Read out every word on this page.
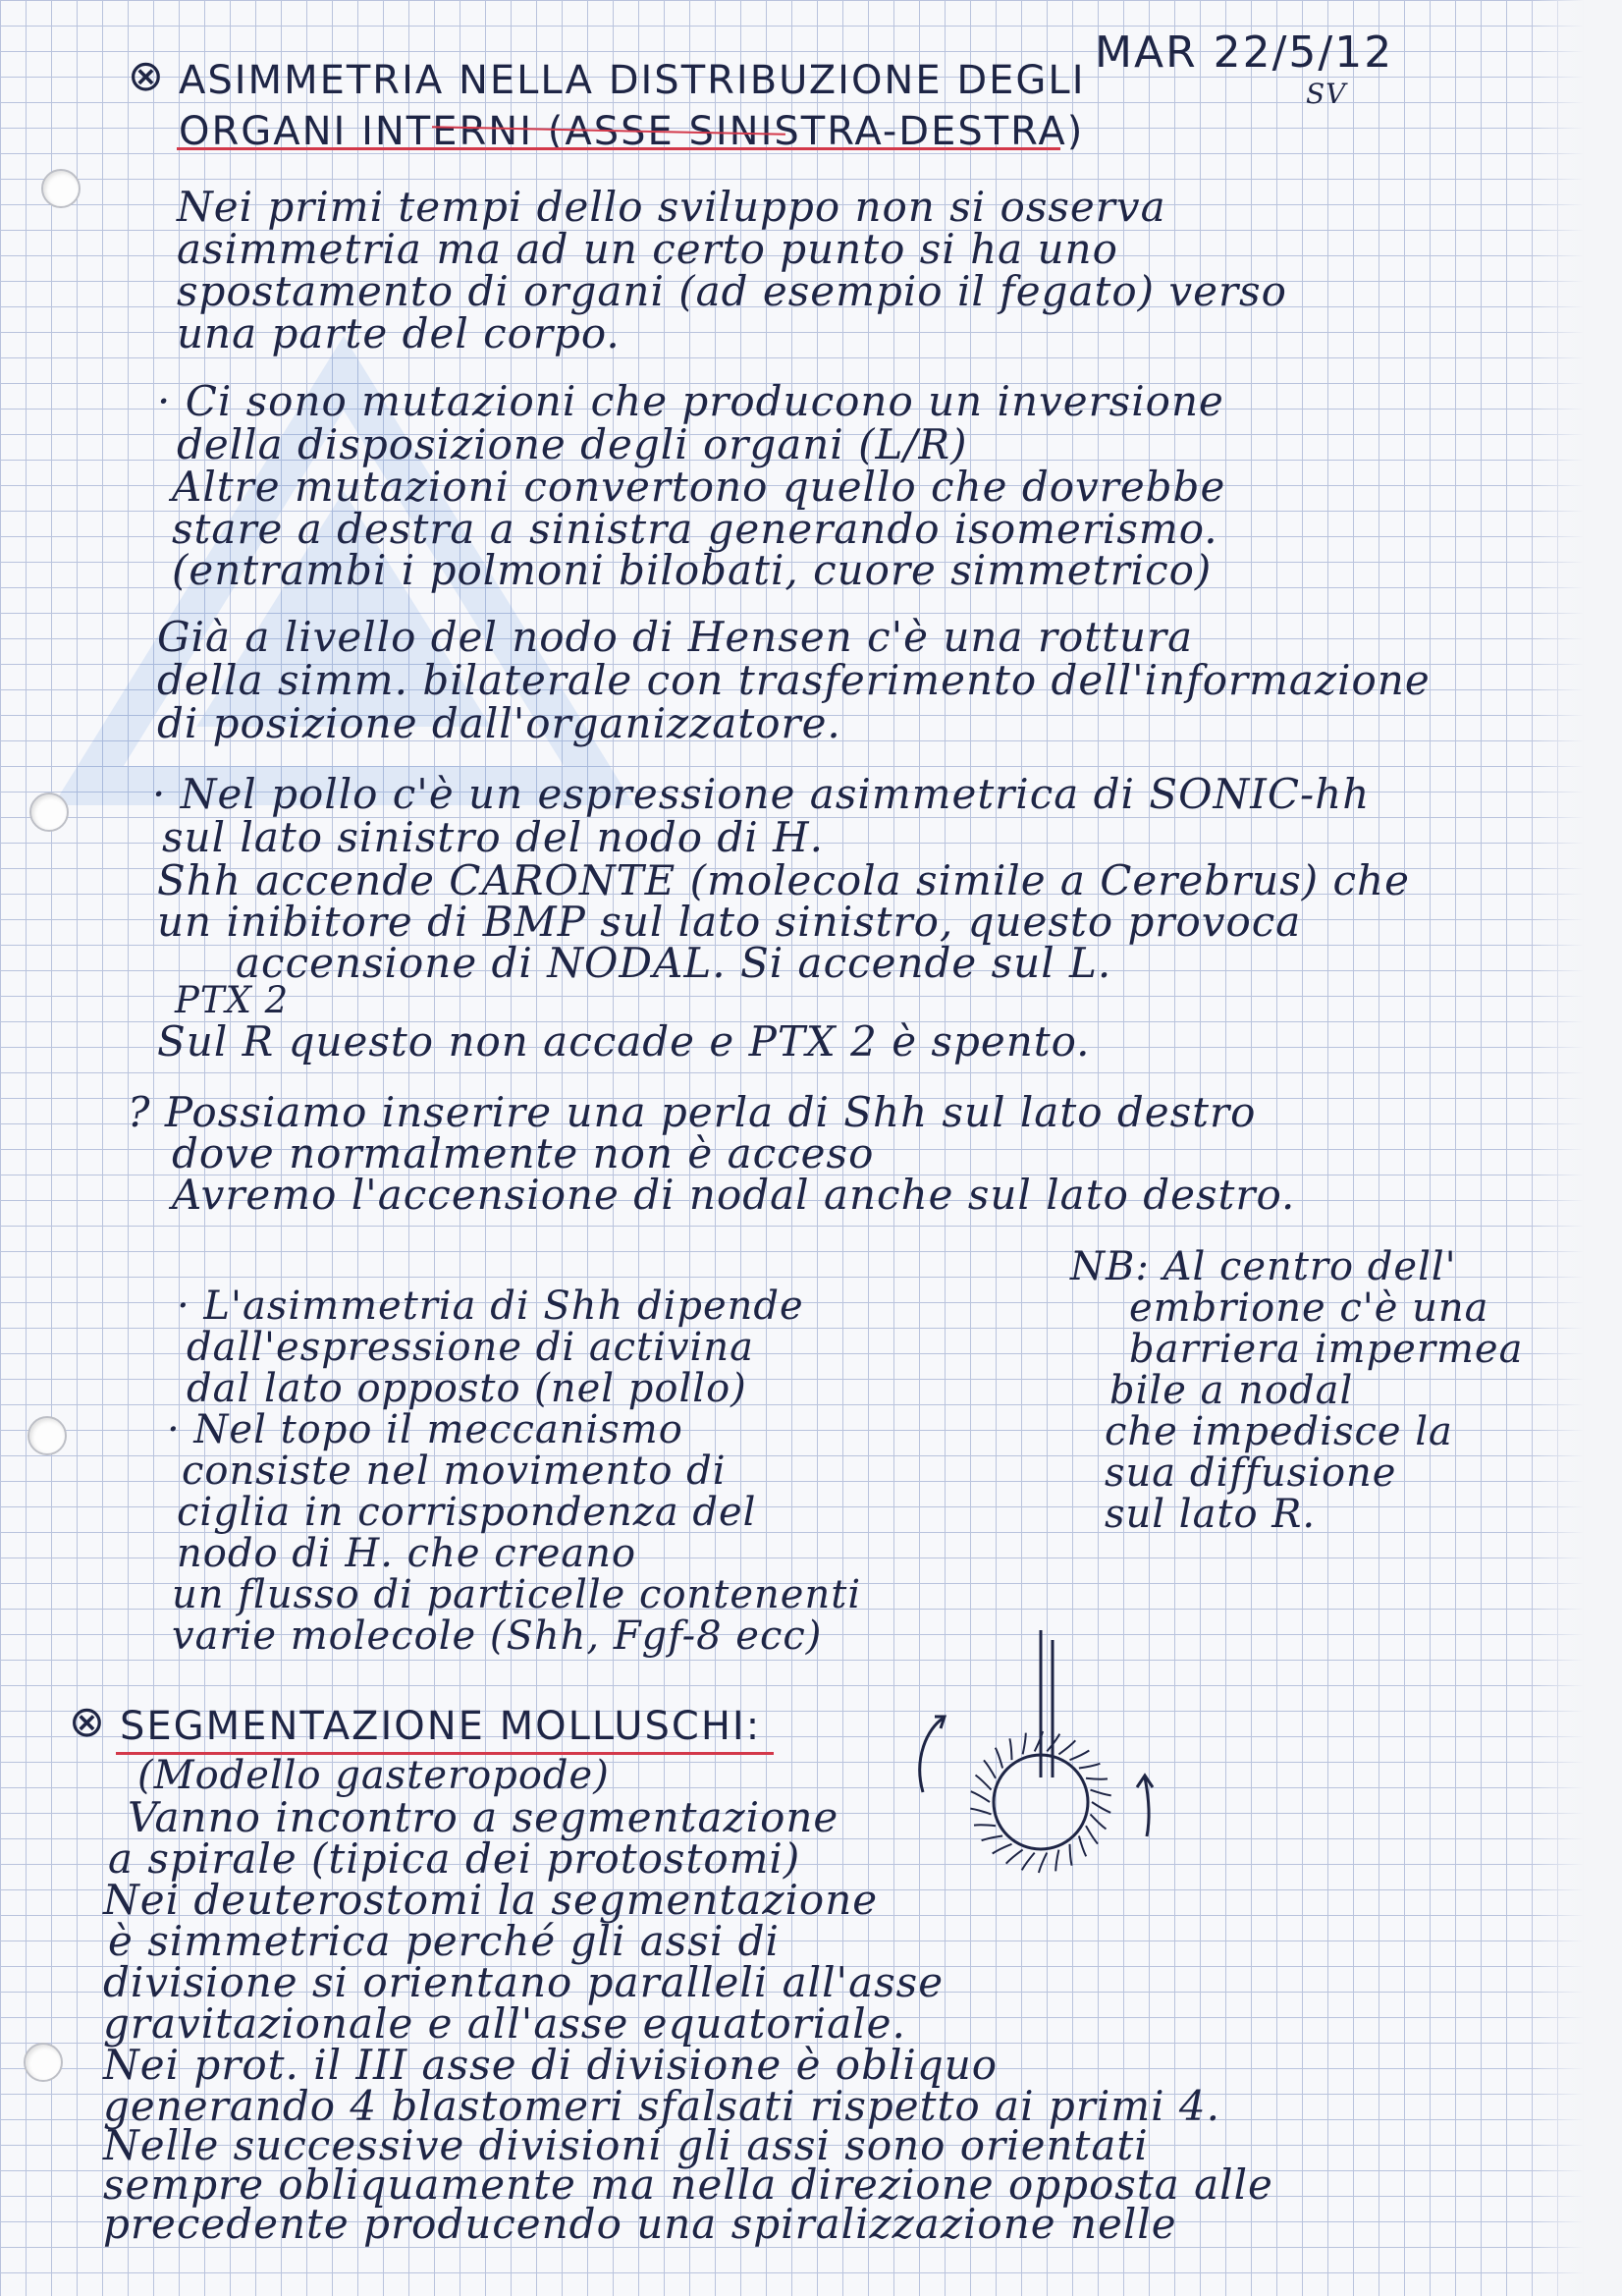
MAR 22/5/12

SV

⊗ ASIMMETRIA NELLA DISTRIBUZIONE DEGLI

ORGANI INTERNI (ASSE SINISTRA-DESTRA)

Nei primi tempi dello sviluppo non si osserva

asimmetria ma ad un certo punto si ha uno

spostamento di organi (ad esempio il fegato) verso

una parte del corpo.

· Ci sono mutazioni che producono un inversione

della disposizione degli organi (L/R)

Altre mutazioni convertono quello che dovrebbe

stare a destra a sinistra generando isomerismo.

(entrambi i polmoni bilobati, cuore simmetrico)

Già a livello del nodo di Hensen c'è una rottura

della simm. bilaterale con trasferimento dell'informazione

di posizione dall'organizzatore.

· Nel pollo c'è un espressione asimmetrica di SONIC-hh

sul lato sinistro del nodo di H.

Shh accende CARONTE (molecola simile a Cerebrus) che

un inibitore di BMP sul lato sinistro, questo provoca

accensione di NODAL. Si accende sul L.

PTX 2

Sul R questo non accade e PTX 2 è spento.

? Possiamo inserire una perla di Shh sul lato destro

dove normalmente non è acceso

Avremo l'accensione di nodal anche sul lato destro.

· L'asimmetria di Shh dipende

dall'espressione di activina

dal lato opposto (nel pollo)

· Nel topo il meccanismo

consiste nel movimento di

ciglia in corrispondenza del

nodo di H. che creano

un flusso di particelle contenenti

varie molecole (Shh, Fgf-8 ecc)

NB: Al centro dell'

embrione c'è una

barriera impermea

bile a nodal

che impedisce la

sua diffusione

sul lato R.

⊗ SEGMENTAZIONE MOLLUSCHI:

(Modello gasteropode)

Vanno incontro a segmentazione

a spirale (tipica dei protostomi)

Nei deuterostomi la segmentazione

è simmetrica perché gli assi di

divisione si orientano paralleli all'asse

gravitazionale e all'asse equatoriale.

Nei prot. il III asse di divisione è obliquo

generando 4 blastomeri sfalsati rispetto ai primi 4.

Nelle successive divisioni gli assi sono orientati

sempre obliquamente ma nella direzione opposta alle

precedente producendo una spiralizzazione nelle
